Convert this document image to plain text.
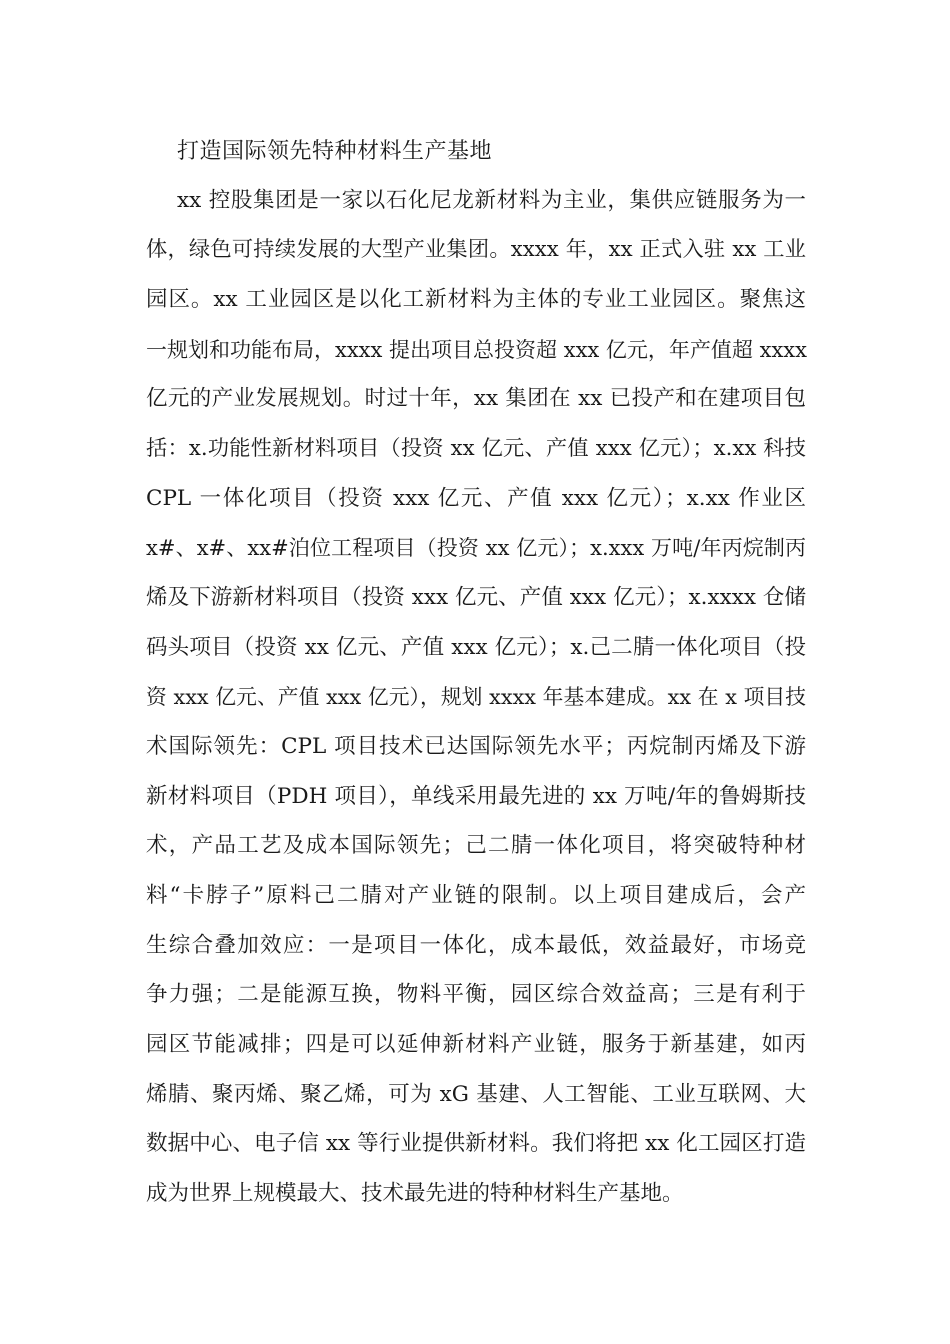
打造国际领先特种材料生产基地
xx 控股集团是一家以石化尼龙新材料为主业，集供应链服务为一
体，绿色可持续发展的大型产业集团。xxxx 年，xx 正式入驻 xx 工业
园区。xx 工业园区是以化工新材料为主体的专业工业园区。聚焦这
一规划和功能布局，xxxx 提出项目总投资超 xxx 亿元，年产值超 xxxx
亿元的产业发展规划。时过十年，xx 集团在 xx 已投产和在建项目包
括：x.功能性新材料项目（投资 xx 亿元、产值 xxx 亿元）；x.xx 科技
CPL 一体化项目（投资 xxx 亿元、产值 xxx 亿元）；x.xx 作业区
x#、x#、xx#泊位工程项目（投资 xx 亿元）；x.xxx 万吨/年丙烷制丙
烯及下游新材料项目（投资 xxx 亿元、产值 xxx 亿元）；x.xxxx 仓储
码头项目（投资 xx 亿元、产值 xxx 亿元）；x.己二腈一体化项目（投
资 xxx 亿元、产值 xxx 亿元），规划 xxxx 年基本建成。xx 在 x 项目技
术国际领先：CPL 项目技术已达国际领先水平；丙烷制丙烯及下游
新材料项目（PDH 项目），单线采用最先进的 xx 万吨/年的鲁姆斯技
术，产品工艺及成本国际领先；己二腈一体化项目，将突破特种材
料“卡脖子”原料己二腈对产业链的限制。以上项目建成后，会产
生综合叠加效应：一是项目一体化，成本最低，效益最好，市场竞
争力强；二是能源互换，物料平衡，园区综合效益高；三是有利于
园区节能减排；四是可以延伸新材料产业链，服务于新基建，如丙
烯腈、聚丙烯、聚乙烯，可为 xG 基建、人工智能、工业互联网、大
数据中心、电子信 xx 等行业提供新材料。我们将把 xx 化工园区打造
成为世界上规模最大、技术最先进的特种材料生产基地。
